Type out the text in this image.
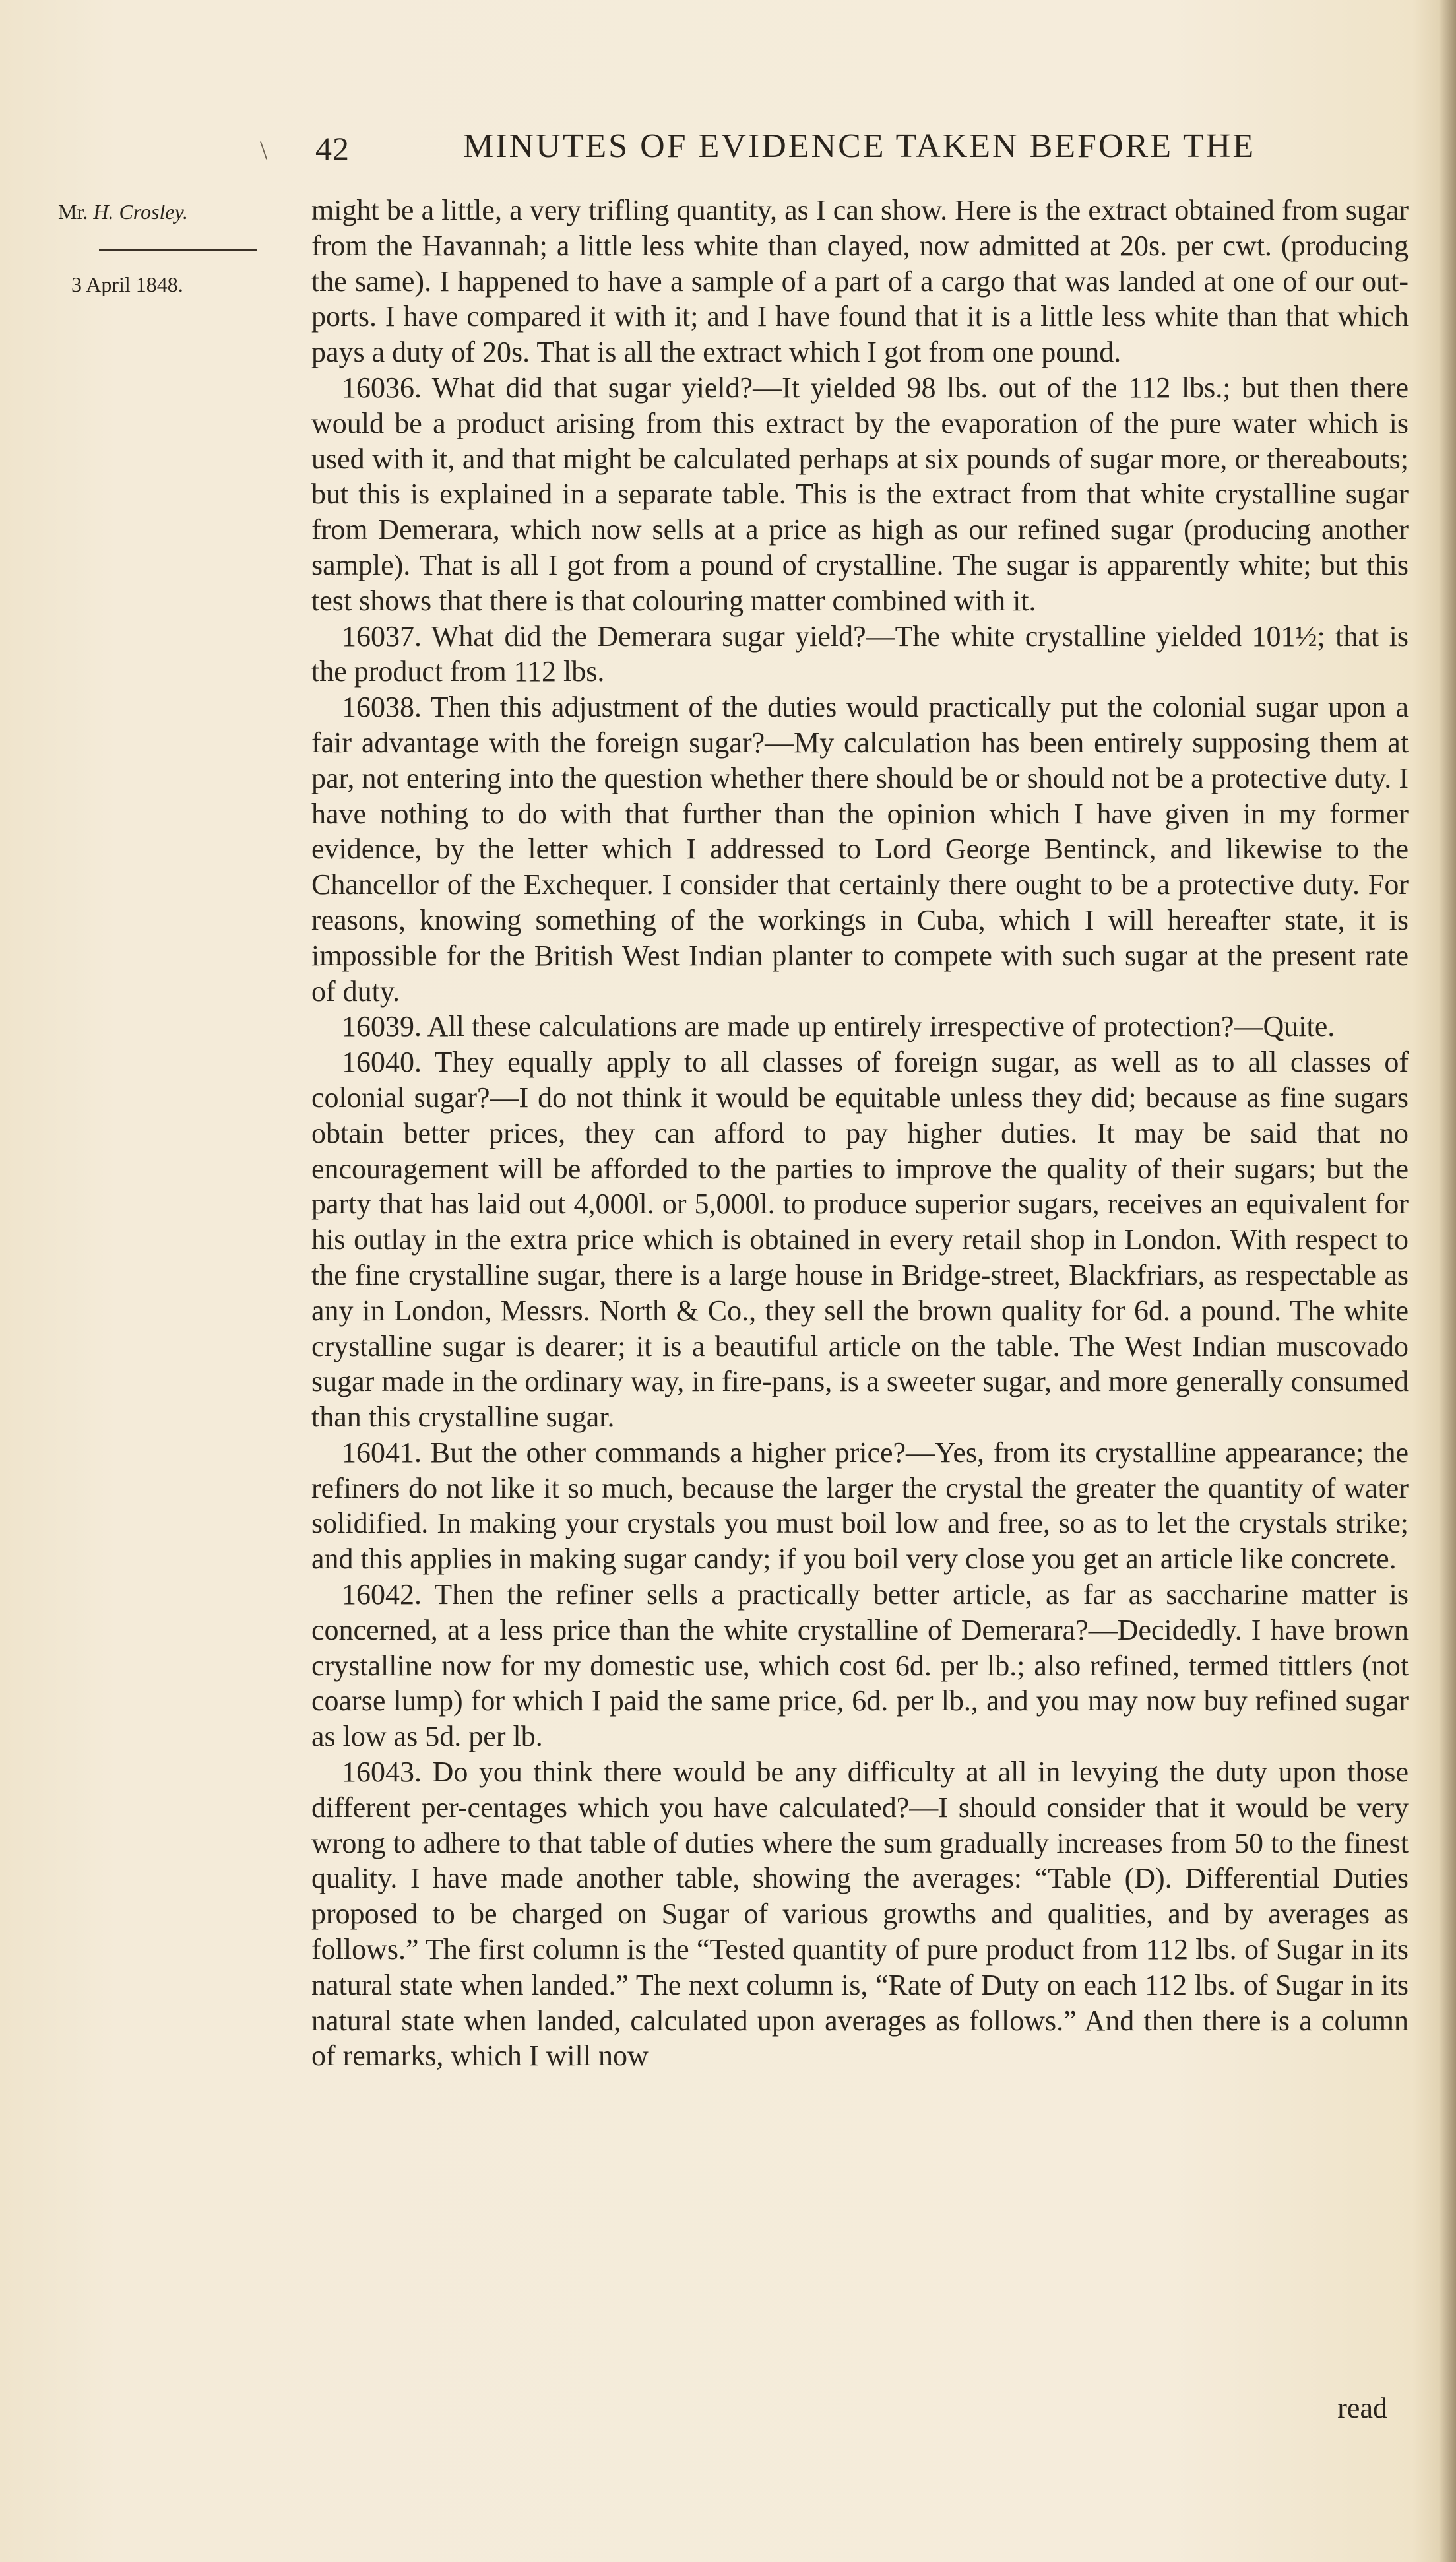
\ 42	MINUTES OF EVIDENCE TAKEN BEFORE THE
Mr. H. Crosley.
3 April 1848.

might be a little, a very trifling quantity, as I can show. Here is the extract obtained from sugar from the Havannah; a little less white than clayed, now admitted at 20s. per cwt. (producing the same). I happened to have a sample of a part of a cargo that was landed at one of our out-ports. I have compared it with it; and I have found that it is a little less white than that which pays a duty of 20s. That is all the extract which I got from one pound.

16036. What did that sugar yield?—It yielded 98 lbs. out of the 112 lbs.; but then there would be a product arising from this extract by the evaporation of the pure water which is used with it, and that might be calculated perhaps at six pounds of sugar more, or thereabouts; but this is explained in a separate table. This is the extract from that white crystalline sugar from Demerara, which now sells at a price as high as our refined sugar (producing another sample). That is all I got from a pound of crystalline. The sugar is apparently white; but this test shows that there is that colouring matter combined with it.

16037. What did the Demerara sugar yield?—The white crystalline yielded 101½; that is the product from 112 lbs.

16038. Then this adjustment of the duties would practically put the colonial sugar upon a fair advantage with the foreign sugar?—My calculation has been entirely supposing them at par, not entering into the question whether there should be or should not be a protective duty. I have nothing to do with that further than the opinion which I have given in my former evidence, by the letter which I addressed to Lord George Bentinck, and likewise to the Chancellor of the Exchequer. I consider that certainly there ought to be a protective duty. For reasons, knowing something of the workings in Cuba, which I will hereafter state, it is impossible for the British West Indian planter to compete with such sugar at the present rate of duty.

16039. All these calculations are made up entirely irrespective of protection?—Quite.

16040. They equally apply to all classes of foreign sugar, as well as to all classes of colonial sugar?—I do not think it would be equitable unless they did; because as fine sugars obtain better prices, they can afford to pay higher duties. It may be said that no encouragement will be afforded to the parties to improve the quality of their sugars; but the party that has laid out 4,000l. or 5,000l. to produce superior sugars, receives an equivalent for his outlay in the extra price which is obtained in every retail shop in London. With respect to the fine crystalline sugar, there is a large house in Bridge-street, Blackfriars, as respectable as any in London, Messrs. North & Co., they sell the brown quality for 6d. a pound. The white crystalline sugar is dearer; it is a beautiful article on the table. The West Indian muscovado sugar made in the ordinary way, in fire-pans, is a sweeter sugar, and more generally consumed than this crystalline sugar.

16041. But the other commands a higher price?—Yes, from its crystalline appearance; the refiners do not like it so much, because the larger the crystal the greater the quantity of water solidified. In making your crystals you must boil low and free, so as to let the crystals strike; and this applies in making sugar candy; if you boil very close you get an article like concrete.

16042. Then the refiner sells a practically better article, as far as saccharine matter is concerned, at a less price than the white crystalline of Demerara?—Decidedly. I have brown crystalline now for my domestic use, which cost 6d. per lb.; also refined, termed tittlers (not coarse lump) for which I paid the same price, 6d. per lb., and you may now buy refined sugar as low as 5d. per lb.

16043. Do you think there would be any difficulty at all in levying the duty upon those different per-centages which you have calculated?—I should consider that it would be very wrong to adhere to that table of duties where the sum gradually increases from 50 to the finest quality. I have made another table, showing the averages: “Table (D). Differential Duties proposed to be charged on Sugar of various growths and qualities, and by averages as follows.” The first column is the “Tested quantity of pure product from 112 lbs. of Sugar in its natural state when landed.” The next column is, “Rate of Duty on each 112 lbs. of Sugar in its natural state when landed, calculated upon averages as follows.” And then there is a column of remarks, which I will now

read
